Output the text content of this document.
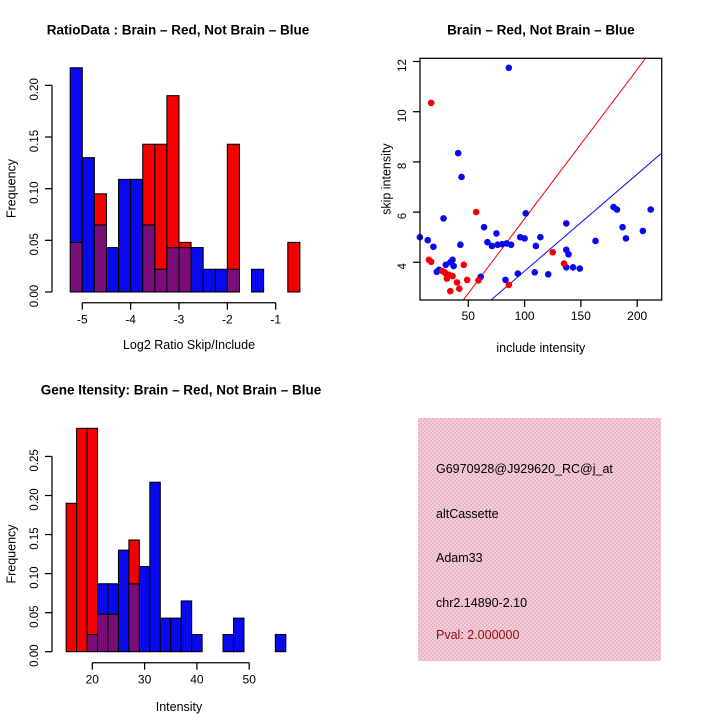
0.00
0.05
0.10
0.15
0.20
-5	-4	-3	-2	-1
RatioData : Brain – Red, Not Brain – Blue
Log2 Ratio Skip/Include
Frequency
50	100	150	200
4
6
8
10
12
Brain – Red, Not Brain – Blue
include intensity
skip intensity
0.00
0.05
0.10
0.15
0.20
0.25
20	30	40	50
Gene Itensity: Brain – Red, Not Brain – Blue
Intensity
Frequency
G6970928@J929620_RC@j_at
altCassette
Adam33
chr2.14890-2.10
Pval: 2.000000
